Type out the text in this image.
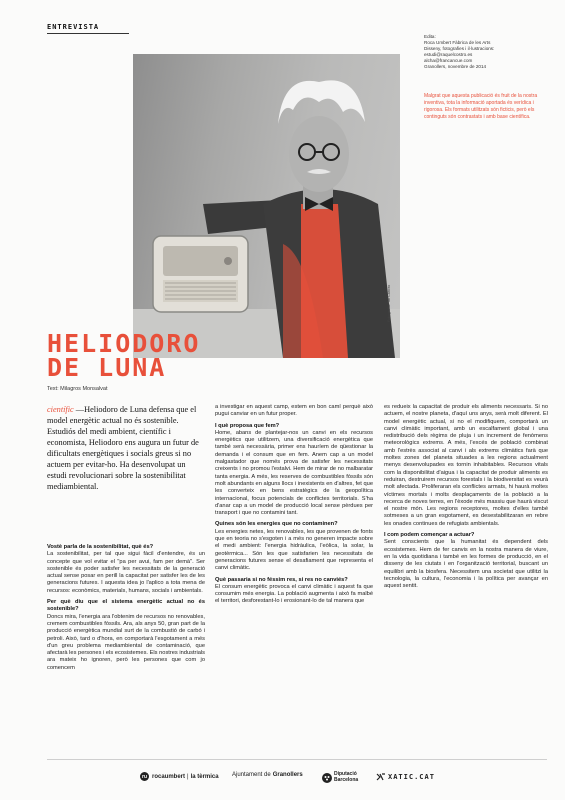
ENTREVISTA
Edita:
Roca Umbert Fàbrica de les Arts
Disseny, fotografies i il·lustracions:
estudi@raquelcostro.es
alcha@francancue.com
Granollers, novembre de 2014
Malgrat que aquesta publicació és fruit de la nostra inventiva, tota la informació aportada és verídica i rigorosa. Els formats utilitzats són ficticis, però els continguts són contrastats i amb base científica.
Fotografia: Tal Cancro
HELIODORO
DE LUNA
Text: Milagros Monsalvat
científic —Heliodoro de Luna defensa que el model energètic actual no és sostenible. Estudiós del medi ambient, científic i economista, Heliodoro ens augura un futur de dificultats energètiques i socials greus si no actuem per evitar-ho. Ha desenvolupat un estudi revolucionari sobre la sostenibilitat mediambiental.

Vostè parla de la sostenibilitat, què és?

La sostenibilitat, per tal que sigui fàcil d'entendre, és un concepte que vol evitar el "pa per avui, fam per demà". Ser sostenible és poder satisfer les necessitats de la generació actual sense posar en perill la capacitat per satisfer les de les generacions futures. I aquesta idea jo l'aplico a tota mena de recursos: econòmics, materials, humans, socials i ambientals.

Per què diu que el sistema energètic actual no és sostenible?

Doncs mira, l'energia ara l'obtenim de recursos no renovables, cremem combustibles fòssils. Ara, als anys 50, gran part de la producció energètica mundial surt de la combustió de carbó i petroli. Això, tard o d'hora, en comportarà l'esgotament a més d'un greu problema mediambiental de contaminació, que afectarà les persones i els ecosistemes. Els nostres industrials ara mateix ho ignoren, però les persones que com jo comencem

a investigar en aquest camp, estem en bon camí perquè això pugui canviar en un futur proper.

I què proposa que fem?

Home, abans de plantejar-nos un canvi en els recursos energètics que utilitzem, una diversificació energètica que també serà necessària, primer ens hauríem de qüestionar la demanda i el consum que en fem. Anem cap a un model malgastador que només prova de satisfer les necessitats creixents i no promou l'estalvi. Hem de mirar de no malbaratar tanta energia. A més, les reserves de combustibles fòssils són molt abundants en alguns llocs i inexistents en d'altres, fet que les converteix en bens estratègics de la geopolítica internacional, focus potencials de conflictes territorials. S'ha d'anar cap a un model de producció local sense pèrdues per transport i que no contamini tant.

Quines són les energies que no contaminen?

Les energies netes, les renovables, les que provenen de fonts que en teoria no s'esgoten i a més no generen impacte sobre el medi ambient: l'energia hidràulica, l'eòlica, la solar, la geotèrmica... Són les que satisfarien les necessitats de generacions futures sense el desafiament que representa el canvi climàtic.

Què passaria si no féssim res, si res no canviés?

El consum energètic provoca el canvi climàtic i aquest fa que consumim més energia. La població augmenta i això fa malbé el territori, desforestant-lo i erosionant-lo de tal manera que

es redueix la capacitat de produir els aliments necessaris. Si no actuem, el nostre planeta, d'aquí uns anys, serà molt diferent. El model energètic actual, si no el modifiquem, comportarà un canvi climàtic important, amb un escalfament global i una redistribució dels règims de pluja i un increment de fenòmens meteorològics extrems. A més, l'excés de població combinat amb l'estrès associat al canvi i als extrems climàtics farà que moltes zones del planeta situades a les regions actualment menys desenvolupades es tornin inhabitables. Recursos vitals com la disponibilitat d'aigua i la capacitat de produir aliments es reduiran, destruirem recursos forestals i la biodiversitat es veurà molt afectada. Proliferaran els conflictes armats, hi haurà moltes víctimes mortals i molts desplaçaments de la població a la recerca de noves terres, en l'èxode més massiu que haurà viscut el nostre món. Les regions receptores, moltes d'elles també sotmeses a un gran esgotament, es desestabilitzaran en rebre les onades continues de refugiats ambientals.

I com podem començar a actuar?

Sent conscients que la humanitat és dependent dels ecosistemes. Hem de fer canvis en la nostra manera de viure, en la vida quotidiana i també en les formes de producció, en el disseny de les ciutats i en l'organització territorial, buscant un equilibri amb la biosfera. Necessitem una societat que utilitzi la tecnologia, la cultura, l'economia i la política per avançar en aquest sentit.

ru rocaumbert | la tèrmica Ajuntament de Granollers	Diputació
Barcelona	XATIC.CAT
